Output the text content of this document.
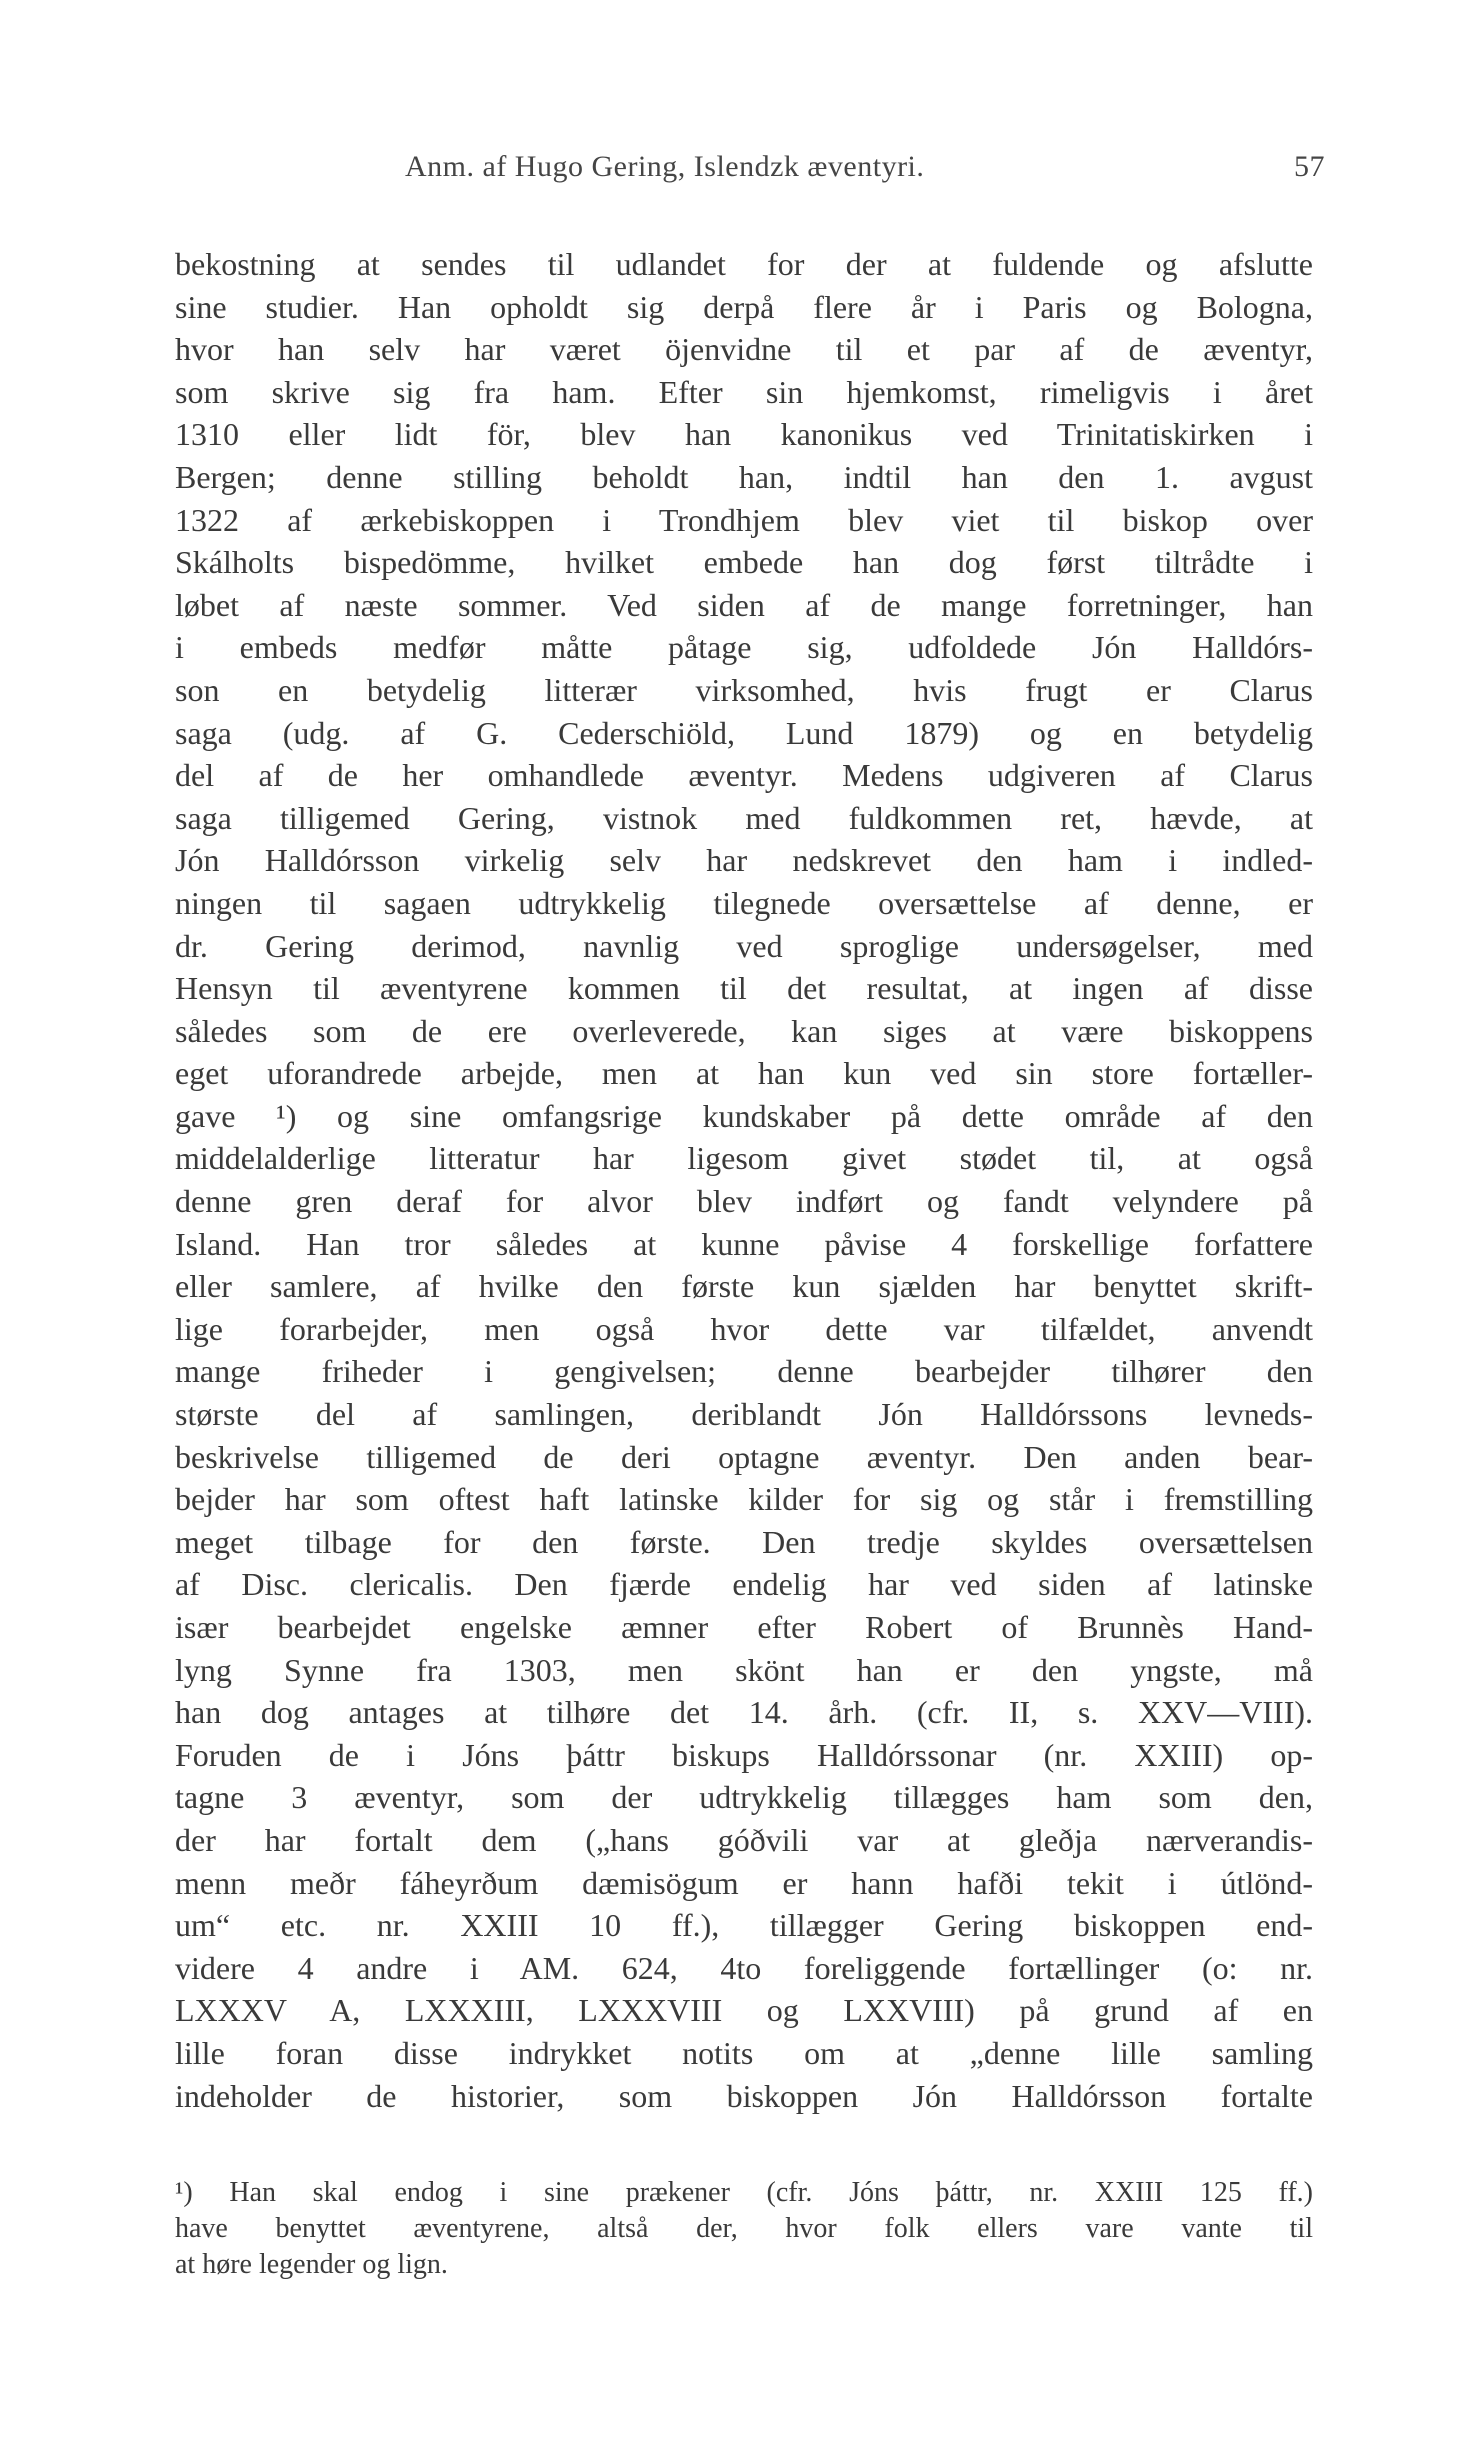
Anm. af Hugo Gering, Islendzk æventyri.	57
bekostning at sendes til udlandet for der at fuldende og afslutte
sine studier. Han opholdt sig derpå flere år i Paris og Bologna,
hvor han selv har været öjenvidne til et par af de æventyr,
som skrive sig fra ham. Efter sin hjemkomst, rimeligvis i året
1310 eller lidt för, blev han kanonikus ved Trinitatiskirken i
Bergen; denne stilling beholdt han, indtil han den 1. avgust
1322 af ærkebiskoppen i Trondhjem blev viet til biskop over
Skálholts bispedömme, hvilket embede han dog først tiltrådte i
løbet af næste sommer. Ved siden af de mange forretninger, han
i embeds medfør måtte påtage sig, udfoldede Jón Halldórs-
son en betydelig litterær virksomhed, hvis frugt er Clarus
saga (udg. af G. Cederschiöld, Lund 1879) og en betydelig
del af de her omhandlede æventyr. Medens udgiveren af Clarus
saga tilligemed Gering, vistnok med fuldkommen ret, hævde, at
Jón Halldórsson virkelig selv har nedskrevet den ham i indled-
ningen til sagaen udtrykkelig tilegnede oversættelse af denne, er
dr. Gering derimod, navnlig ved sproglige undersøgelser, med
Hensyn til æventyrene kommen til det resultat, at ingen af disse
således som de ere overleverede, kan siges at være biskoppens
eget uforandrede arbejde, men at han kun ved sin store fortæller-
gave ¹) og sine omfangsrige kundskaber på dette område af den
middelalderlige litteratur har ligesom givet stødet til, at også
denne gren deraf for alvor blev indført og fandt velyndere på
Island. Han tror således at kunne påvise 4 forskellige forfattere
eller samlere, af hvilke den første kun sjælden har benyttet skrift-
lige forarbejder, men også hvor dette var tilfældet, anvendt
mange friheder i gengivelsen; denne bearbejder tilhører den
største del af samlingen, deriblandt Jón Halldórssons levneds-
beskrivelse tilligemed de deri optagne æventyr. Den anden bear-
bejder har som oftest haft latinske kilder for sig og står i fremstilling
meget tilbage for den første. Den tredje skyldes oversættelsen
af Disc. clericalis. Den fjærde endelig har ved siden af latinske
især bearbejdet engelske æmner efter Robert of Brunnès Hand-
lyng Synne fra 1303, men skönt han er den yngste, må
han dog antages at tilhøre det 14. årh. (cfr. II, s. XXV—VIII).
Foruden de i Jóns þáttr biskups Halldórssonar (nr. XXIII) op-
tagne 3 æventyr, som der udtrykkelig tillægges ham som den,
der har fortalt dem („hans góðvili var at gleðja nærverandis-
menn meðr fáheyrðum dæmisögum er hann hafði tekit i útlönd-
um“ etc. nr. XXIII 10 ff.), tillægger Gering biskoppen end-
videre 4 andre i AM. 624, 4to foreliggende fortællinger (o: nr.
LXXXV A, LXXXIII, LXXXVIII og LXXVIII) på grund af en
lille foran disse indrykket notits om at „denne lille samling
indeholder de historier, som biskoppen Jón Halldórsson fortalte
¹) Han skal endog i sine prækener (cfr. Jóns þáttr, nr. XXIII 125 ff.)
have benyttet æventyrene, altså der, hvor folk ellers vare vante til
at høre legender og lign.
